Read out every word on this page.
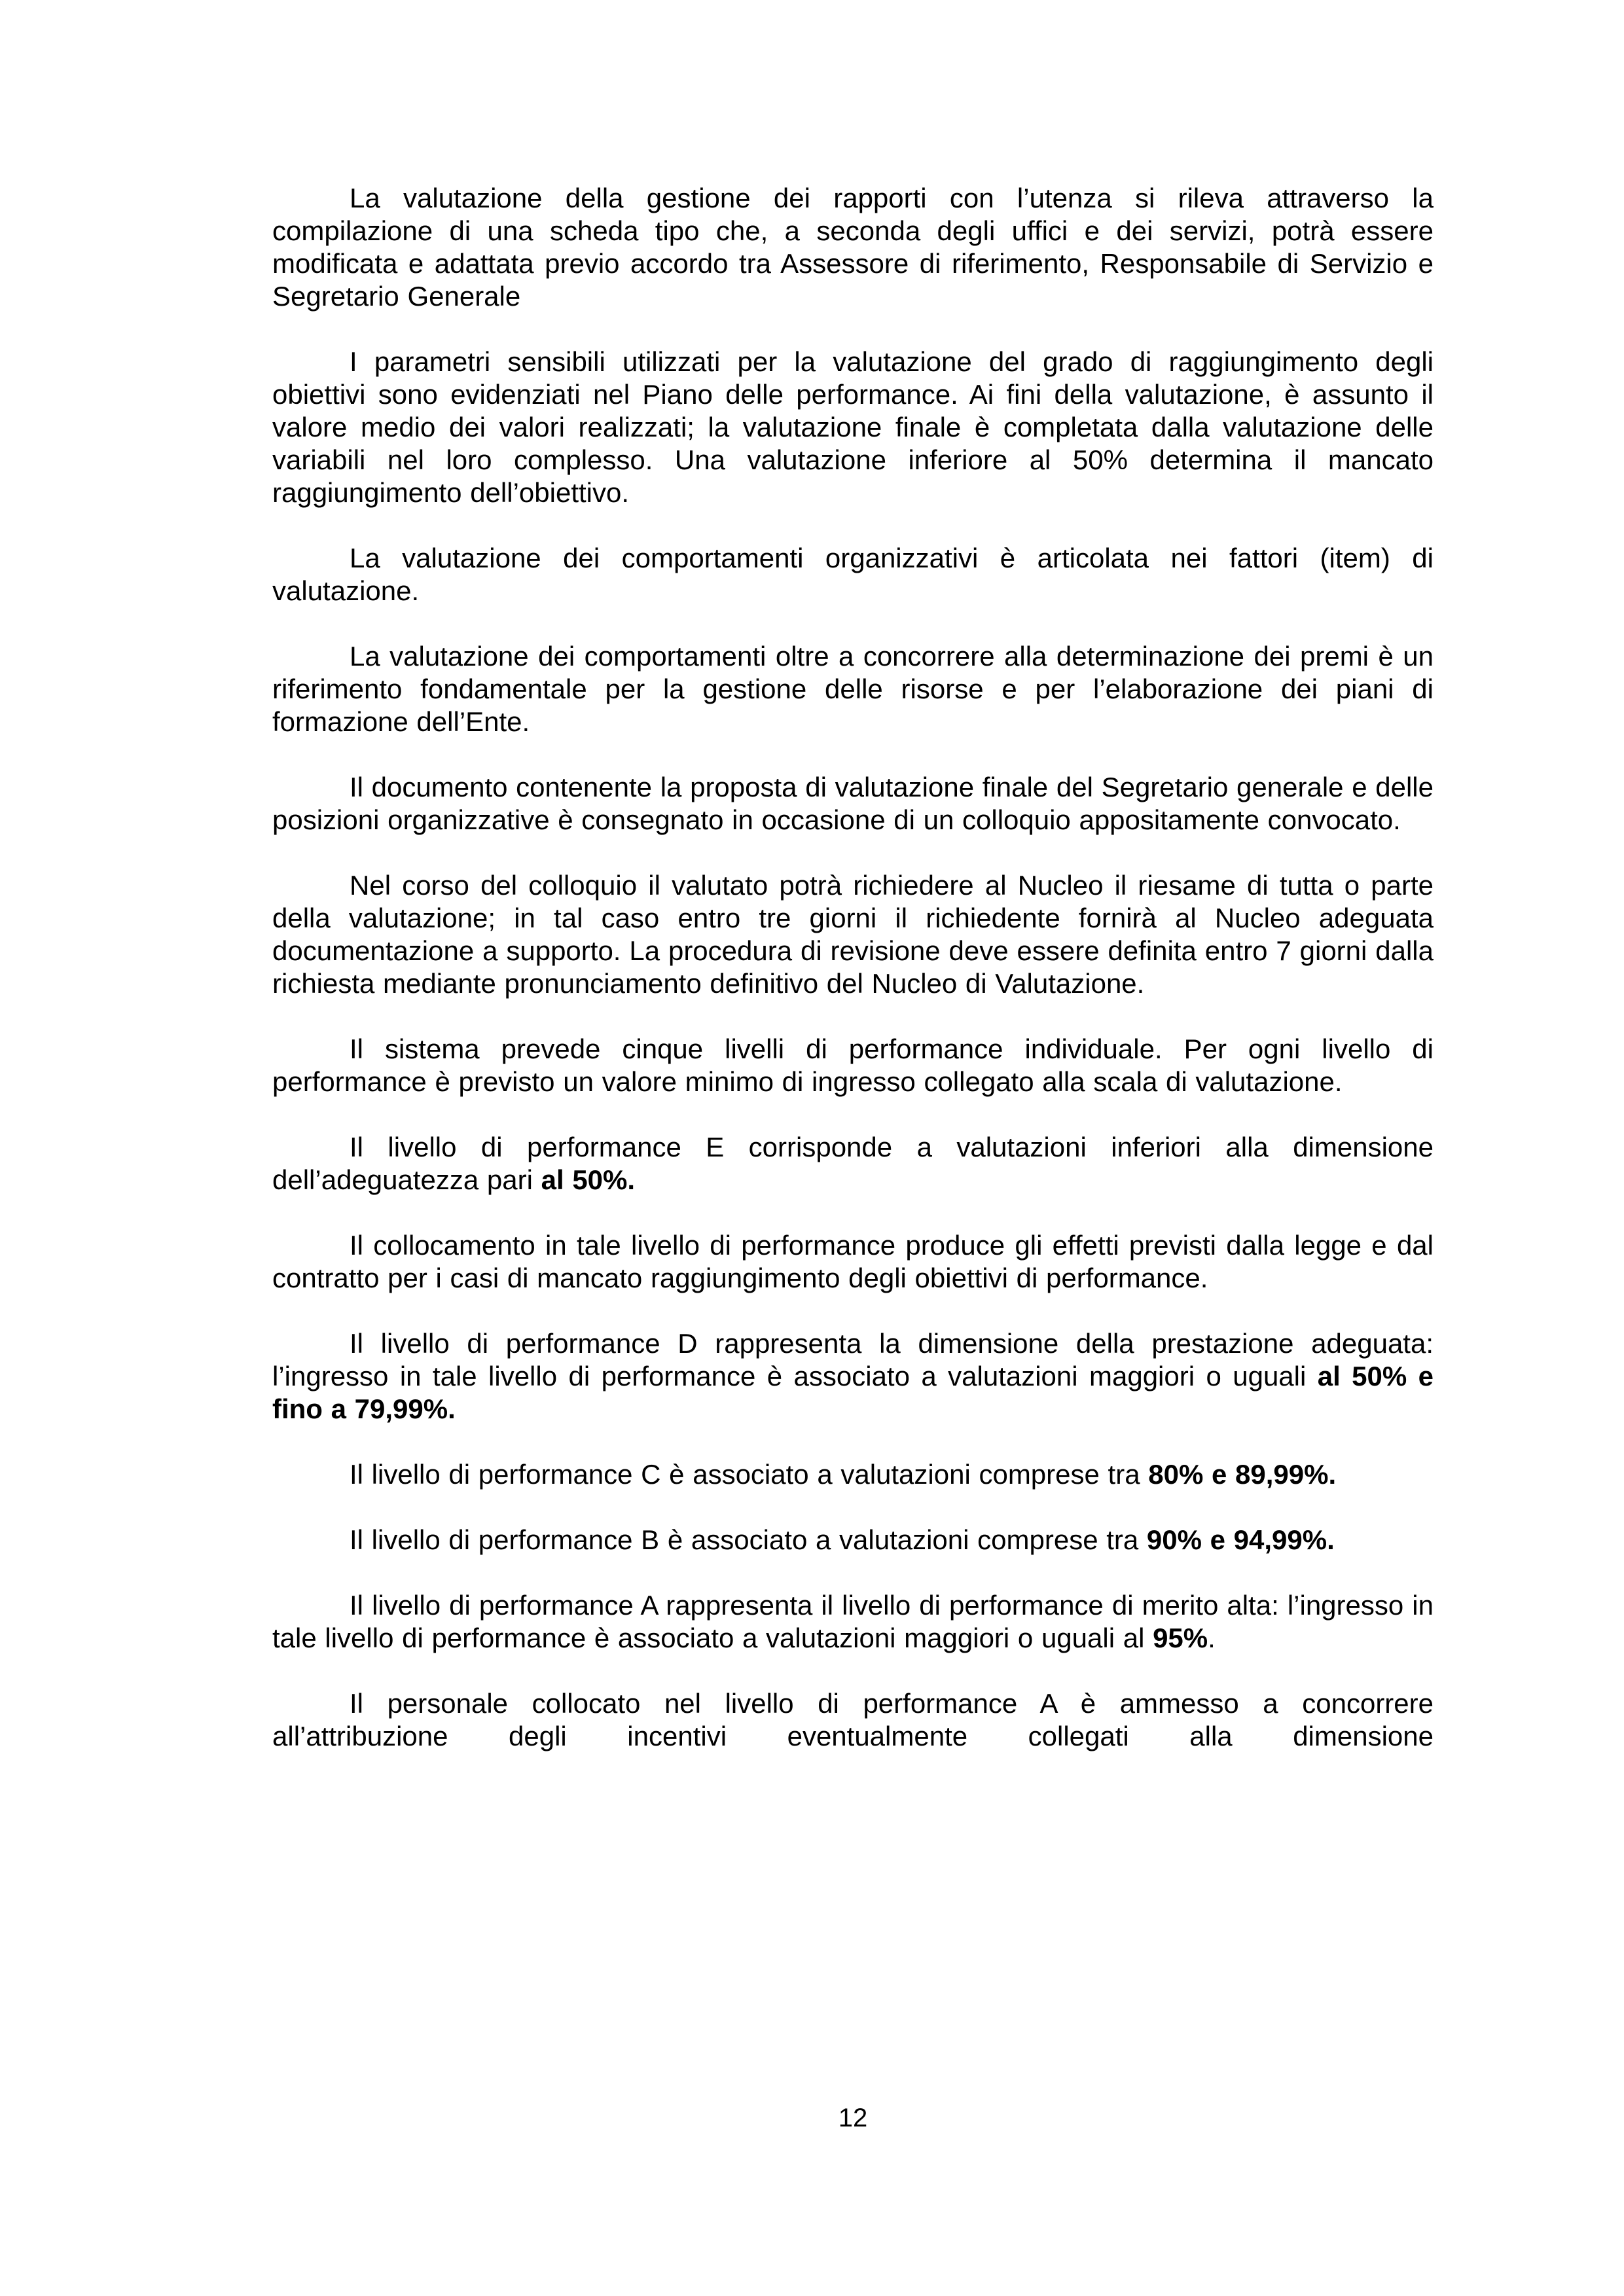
La valutazione della gestione dei rapporti con l’utenza si rileva attraverso la compilazione di una scheda tipo che, a seconda degli uffici e dei servizi, potrà essere modificata e adattata previo accordo tra Assessore di riferimento, Responsabile di Servizio e Segretario Generale

I parametri sensibili utilizzati per la valutazione del grado di raggiungimento degli obiettivi sono evidenziati nel Piano delle performance. Ai fini della valutazione, è assunto il valore medio dei valori realizzati; la valutazione finale è completata dalla valutazione delle variabili nel loro complesso. Una valutazione inferiore al 50% determina il mancato raggiungimento dell’obiettivo.

La valutazione dei comportamenti organizzativi è articolata nei fattori (item) di valutazione.

La valutazione dei comportamenti oltre a concorrere alla determinazione dei premi è un riferimento fondamentale per la gestione delle risorse e per l’elaborazione dei piani di formazione dell’Ente.

Il documento contenente la proposta di valutazione finale del Segretario generale e delle posizioni organizzative è consegnato in occasione di un colloquio appositamente convocato.

Nel corso del colloquio il valutato potrà richiedere al Nucleo il riesame di tutta o parte della valutazione; in tal caso entro tre giorni il richiedente fornirà al Nucleo adeguata documentazione a supporto. La procedura di revisione deve essere definita entro 7 giorni dalla richiesta mediante pronunciamento definitivo del Nucleo di Valutazione.

Il sistema prevede cinque livelli di performance individuale. Per ogni livello di performance è previsto un valore minimo di ingresso collegato alla scala di valutazione.

Il livello di performance E corrisponde a valutazioni inferiori alla dimensione dell’adeguatezza pari al 50%.

Il collocamento in tale livello di performance produce gli effetti previsti dalla legge e dal contratto per i casi di mancato raggiungimento degli obiettivi di performance.

Il livello di performance D rappresenta la dimensione della prestazione adeguata: l’ingresso in tale livello di performance è associato a valutazioni maggiori o uguali al 50% e fino a 79,99%.

Il livello di performance C è associato a valutazioni comprese tra 80% e 89,99%.

Il livello di performance B è associato a valutazioni comprese tra 90% e 94,99%.

Il livello di performance A rappresenta il livello di performance di merito alta: l’ingresso in tale livello di performance è associato a valutazioni maggiori o uguali al 95%.

Il personale collocato nel livello di performance A è ammesso a concorrere all’attribuzione degli incentivi eventualmente collegati alla dimensione

12
